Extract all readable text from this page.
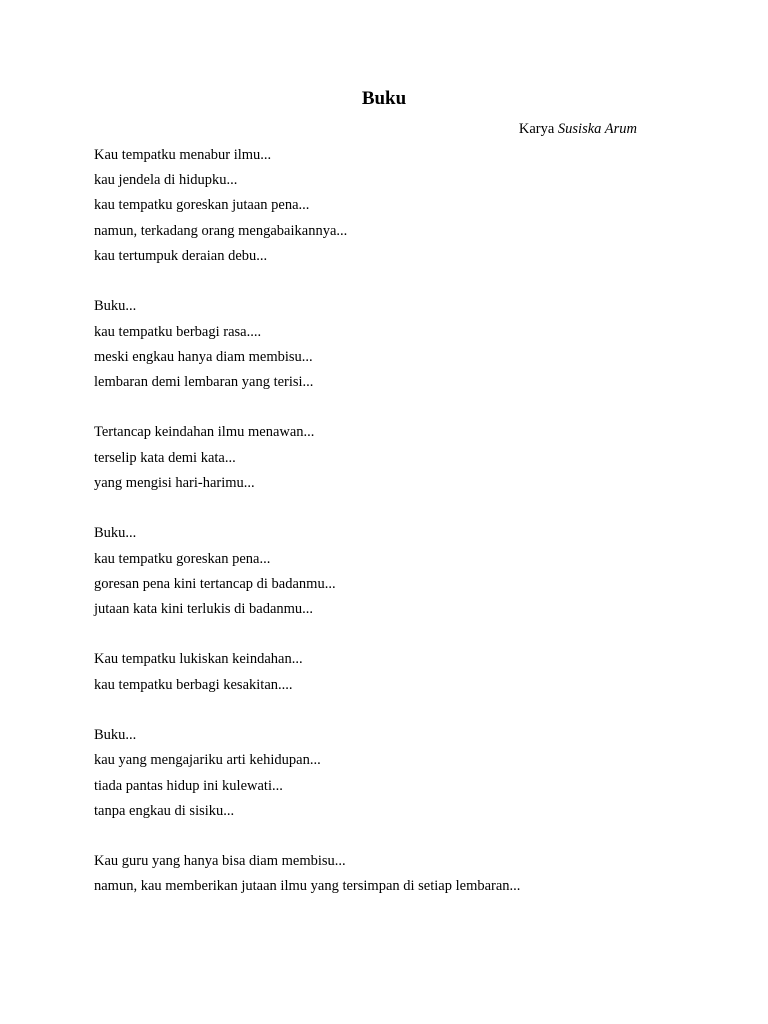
Buku
Karya Susiska Arum
Kau tempatku menabur ilmu...
kau jendela di hidupku...
kau tempatku goreskan jutaan pena...
namun, terkadang orang mengabaikannya...
kau tertumpuk deraian debu...
Buku...
kau tempatku berbagi rasa....
meski engkau hanya diam membisu...
lembaran demi lembaran yang terisi...
Tertancap keindahan ilmu menawan...
terselip kata demi kata...
yang mengisi hari-harimu...
Buku...
kau tempatku goreskan pena...
goresan pena kini tertancap di badanmu...
jutaan kata kini terlukis di badanmu...
Kau tempatku lukiskan keindahan...
kau tempatku berbagi kesakitan....
Buku...
kau yang mengajariku arti kehidupan...
tiada pantas hidup ini kulewati...
tanpa engkau di sisiku...
Kau guru yang hanya bisa diam membisu...
namun, kau memberikan jutaan ilmu yang tersimpan di setiap lembaran...
